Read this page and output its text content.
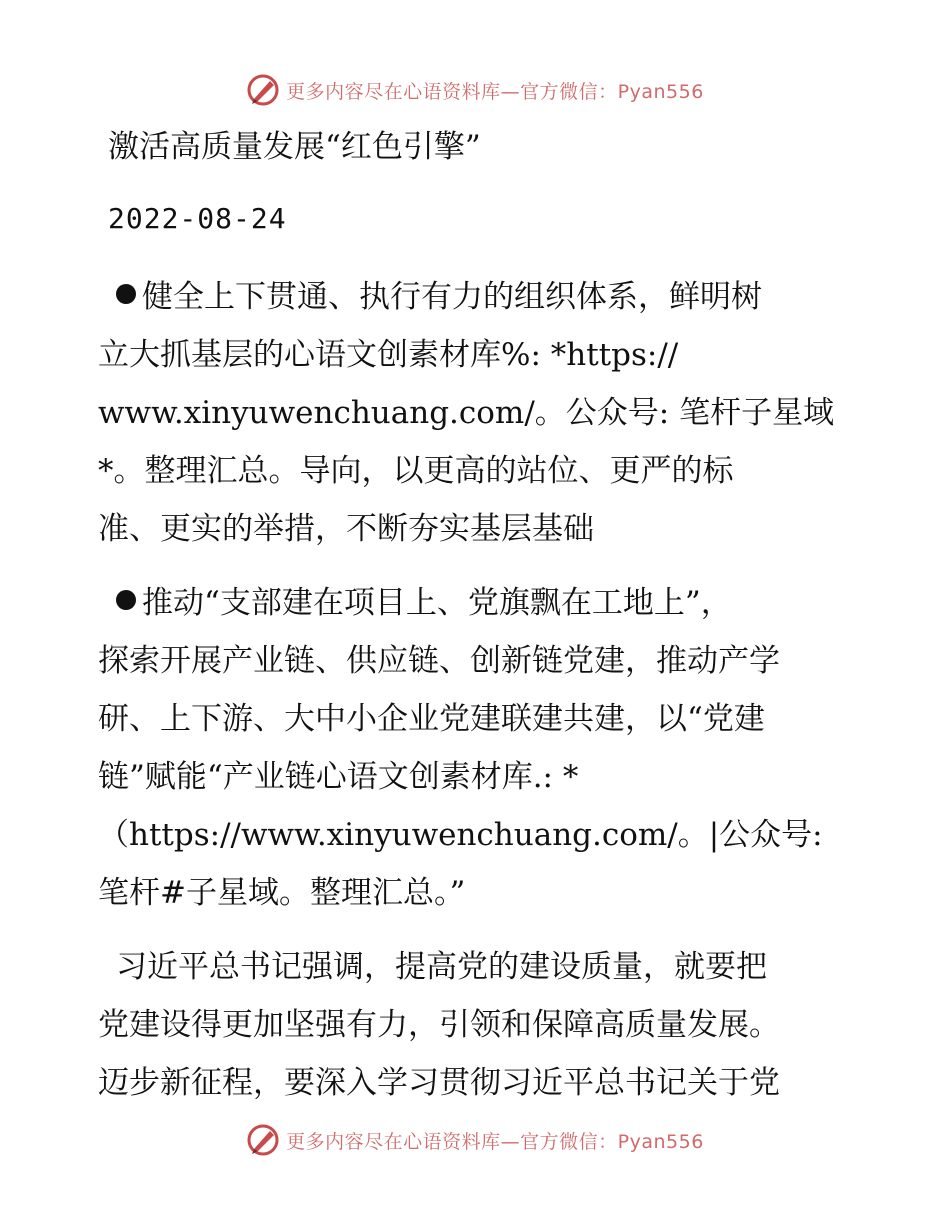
更多内容尽在心语资料库—官方微信：Pyan556
激活高质量发展“红色引擎”
2022-08-24
健全上下贯通、执行有力的组织体系，鲜明树
立大抓基层的心语文创素材库%: *https://
www.xinyuwenchuang.com/。公众号: 笔杆子星域
*。整理汇总。导向，以更高的站位、更严的标
准、更实的举措，不断夯实基层基础
推动“支部建在项目上、党旗飘在工地上”，
探索开展产业链、供应链、创新链党建，推动产学
研、上下游、大中小企业党建联建共建，以“党建
链”赋能“产业链心语文创素材库.: *
（https://www.xinyuwenchuang.com/。|公众号:
笔杆#子星域。整理汇总。”
习近平总书记强调，提高党的建设质量，就要把
党建设得更加坚强有力，引领和保障高质量发展。
迈步新征程，要深入学习贯彻习近平总书记关于党
更多内容尽在心语资料库—官方微信：Pyan556
